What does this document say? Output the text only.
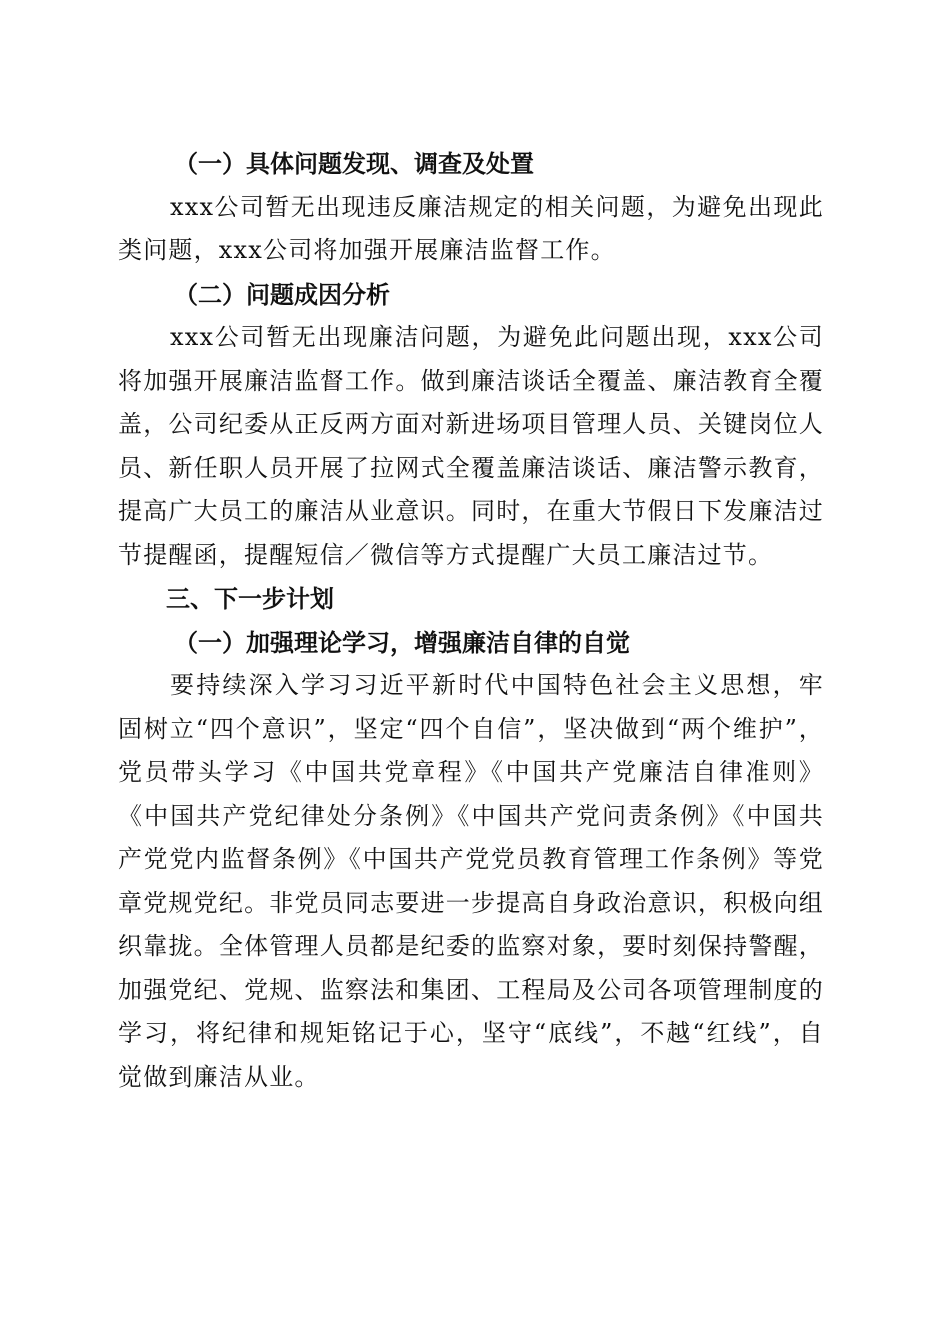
（一）具体问题发现、调查及处置

xxx公司暂无出现违反廉洁规定的相关问题，为避免出现此类问题，xxx公司将加强开展廉洁监督工作。

（二）问题成因分析

xxx公司暂无出现廉洁问题，为避免此问题出现，xxx公司将加强开展廉洁监督工作。做到廉洁谈话全覆盖、廉洁教育全覆盖，公司纪委从正反两方面对新进场项目管理人员、关键岗位人员、新任职人员开展了拉网式全覆盖廉洁谈话、廉洁警示教育，提高广大员工的廉洁从业意识。同时，在重大节假日下发廉洁过节提醒函，提醒短信／微信等方式提醒广大员工廉洁过节。

三、下一步计划

（一）加强理论学习，增强廉洁自律的自觉

要持续深入学习习近平新时代中国特色社会主义思想，牢固树立“四个意识”，坚定“四个自信”，坚决做到“两个维护”，党员带头学习《中国共党章程》《中国共产党廉洁自律准则》《中国共产党纪律处分条例》《中国共产党问责条例》《中国共产党党内监督条例》《中国共产党党员教育管理工作条例》等党章党规党纪。非党员同志要进一步提高自身政治意识，积极向组织靠拢。全体管理人员都是纪委的监察对象，要时刻保持警醒，加强党纪、党规、监察法和集团、工程局及公司各项管理制度的学习，将纪律和规矩铭记于心，坚守“底线”，不越“红线”，自觉做到廉洁从业。
